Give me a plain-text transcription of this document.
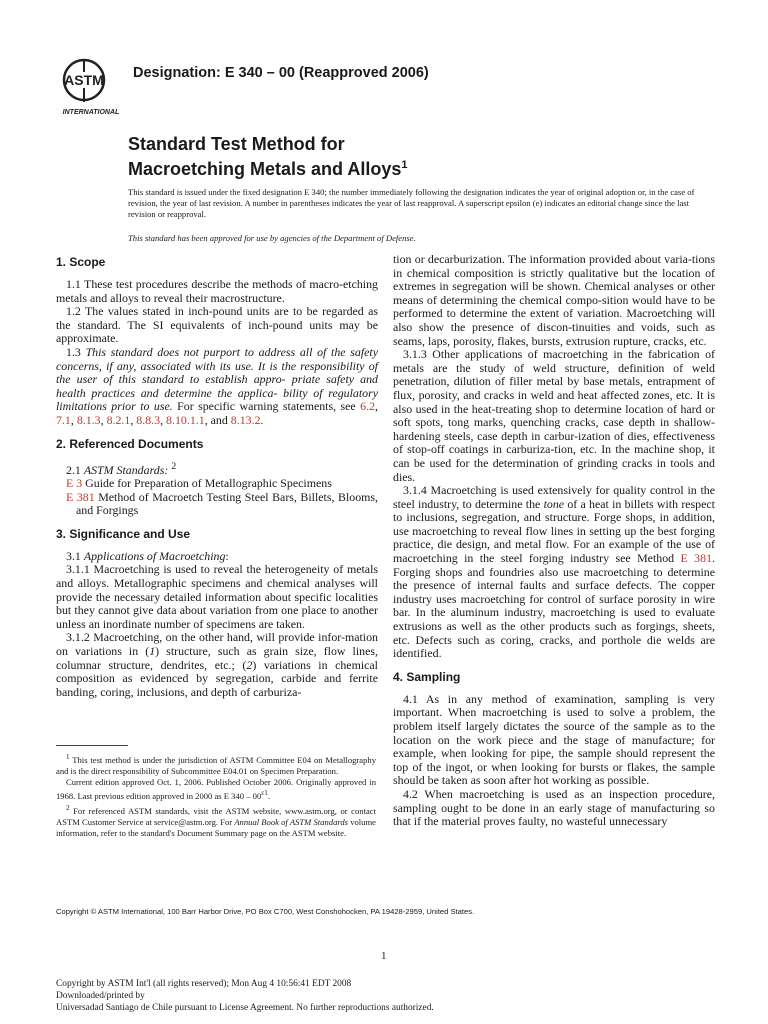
ASTM
INTERNATIONAL
Designation: E 340 – 00 (Reapproved 2006)
Standard Test Method for
Macroetching Metals and Alloys$^1$
This standard is issued under the fixed designation E 340; the number immediately following the designation indicates the year of original adoption or, in the case of revision, the year of last revision. A number in parentheses indicates the year of last reapproval. A superscript epsilon (e) indicates an editorial change since the last revision or reapproval.
This standard has been approved for use by agencies of the Department of Defense.
1. Scope

1.1 These test procedures describe the methods of macro-etching metals and alloys to reveal their macrostructure.

1.2 The values stated in inch-pound units are to be regarded as the standard. The SI equivalents of inch-pound units may be approximate.

1.3 This standard does not purport to address all of the safety concerns, if any, associated with its use. It is the responsibility of the user of this standard to establish appro- priate safety and health practices and determine the applica- bility of regulatory limitations prior to use. For specific warning statements, see 6.2, 7.1, 8.1.3, 8.2.1, 8.8.3, 8.10.1.1, and 8.13.2.

2. Referenced Documents

2.1 ASTM Standards: $^2$

E 3 Guide for Preparation of Metallographic Specimens

E 381 Method of Macroetch Testing Steel Bars, Billets, Blooms, and Forgings

3. Significance and Use

3.1 Applications of Macroetching:

3.1.1 Macroetching is used to reveal the heterogeneity of metals and alloys. Metallographic specimens and chemical analyses will provide the necessary detailed information about specific localities but they cannot give data about variation from one place to another unless an inordinate number of specimens are taken.

3.1.2 Macroetching, on the other hand, will provide infor-mation on variations in (1) structure, such as grain size, flow lines, columnar structure, dendrites, etc.; (2) variations in chemical composition as evidenced by segregation, carbide and ferrite banding, coring, inclusions, and depth of carburiza-

tion or decarburization. The information provided about varia-tions in chemical composition is strictly qualitative but the location of extremes in segregation will be shown. Chemical analyses or other means of determining the chemical compo-sition would have to be performed to determine the extent of variation. Macroetching will also show the presence of discon-tinuities and voids, such as seams, laps, porosity, flakes, bursts, extrusion rupture, cracks, etc.

3.1.3 Other applications of macroetching in the fabrication of metals are the study of weld structure, definition of weld penetration, dilution of filler metal by base metals, entrapment of flux, porosity, and cracks in weld and heat affected zones, etc. It is also used in the heat-treating shop to determine location of hard or soft spots, tong marks, quenching cracks, case depth in shallow-hardening steels, case depth in carbur-ization of dies, effectiveness of stop-off coatings in carburiza-tion, etc. In the machine shop, it can be used for the determination of grinding cracks in tools and dies.

3.1.4 Macroetching is used extensively for quality control in the steel industry, to determine the tone of a heat in billets with respect to inclusions, segregation, and structure. Forge shops, in addition, use macroetching to reveal flow lines in setting up the best forging practice, die design, and metal flow. For an example of the use of macroetching in the steel forging industry see Method E 381. Forging shops and foundries also use macroetching to determine the presence of internal faults and surface defects. The copper industry uses macroetching for control of surface porosity in wire bar. In the aluminum industry, macroetching is used to evaluate extrusions as well as the other products such as forgings, sheets, etc. Defects such as coring, cracks, and porthole die welds are identified.

4. Sampling

4.1 As in any method of examination, sampling is very important. When macroetching is used to solve a problem, the problem itself largely dictates the source of the sample as to the location on the work piece and the stage of manufacture; for example, when looking for pipe, the sample should represent the top of the ingot, or when looking for bursts or flakes, the sample should be taken as soon after hot working as possible.

4.2 When macroetching is used as an inspection procedure, sampling ought to be done in an early stage of manufacturing so that if the material proves faulty, no wasteful unnecessary

$^1$ This test method is under the jurisdiction of ASTM Committee E04 on Metallography and is the direct responsibility of Subcommittee E04.01 on Specimen Preparation.

Current edition approved Oct. 1, 2006. Published October 2006. Originally approved in 1968. Last previous edition approved in 2000 as E $340 - 00^{\varepsilon 1}$.

$^2$ For referenced ASTM standards, visit the ASTM website, www.astm.org, or contact ASTM Customer Service at service@astm.org. For Annual Book of ASTM Standards volume information, refer to the standard's Document Summary page on the ASTM website.

Copyright © ASTM International, 100 Barr Harbor Drive, PO Box C700, West Conshohocken, PA 19428-2959, United States.
1
Copyright by ASTM Int'l (all rights reserved); Mon Aug 4 10:56:41 EDT 2008
Downloaded/printed by
Universadad Santiago de Chile pursuant to License Agreement. No further reproductions authorized.
